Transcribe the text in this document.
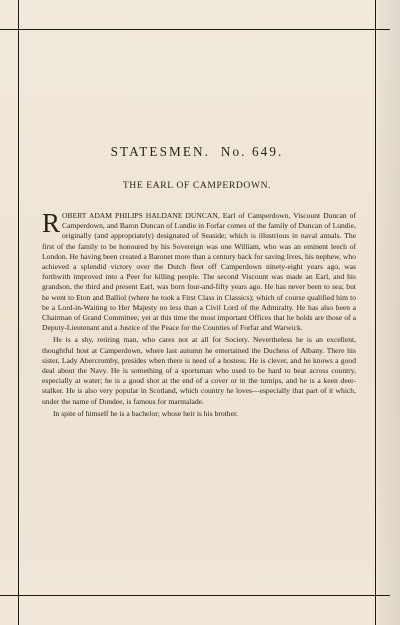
STATESMEN. No. 649.
THE EARL OF CAMPERDOWN.

ROBERT ADAM PHILIPS HALDANE DUNCAN, Earl of Camperdown, Viscount Duncan of Camperdown, and Baron Duncan of Lundie in Forfar comes of the family of Duncan of Lundie, originally (and appropriately) designated of Seaside; which is illustrious in naval annals. The first of the family to be honoured by his Sovereign was one William, who was an eminent leech of London. He having been created a Baronet more than a century back for saving lives, his nephew, who achieved a splendid victory over the Dutch fleet off Camperdown ninety-eight years ago, was forthwith improved into a Peer for killing people. The second Viscount was made an Earl, and his grandson, the third and present Earl, was born four-and-fifty years ago. He has never been to sea; but he went to Eton and Balliol (where he took a First Class in Classics); which of course qualified him to be a Lord-in-Waiting to Her Majesty no less than a Civil Lord of the Admiralty. He has also been a Chairman of Grand Committee; yet at this time the most important Offices that he holds are those of a Deputy-Lieutenant and a Justice of the Peace for the Counties of Forfar and Warwick.

He is a shy, retiring man, who cares not at all for Society. Nevertheless he is an excellent, thoughtful host at Camperdown, where last autumn he entertained the Duchess of Albany. There his sister, Lady Abercromby, presides when there is need of a hostess. He is clever, and he knows a good deal about the Navy. He is something of a sportsman who used to be hard to beat across country, especially at water; he is a good shot at the end of a cover or in the turnips, and he is a keen deer-stalker. He is also very popular in Scotland, which country he loves—especially that part of it which, under the name of Dundee, is famous for marmalade.

In spite of himself he is a bachelor; whose heir is his brother.
